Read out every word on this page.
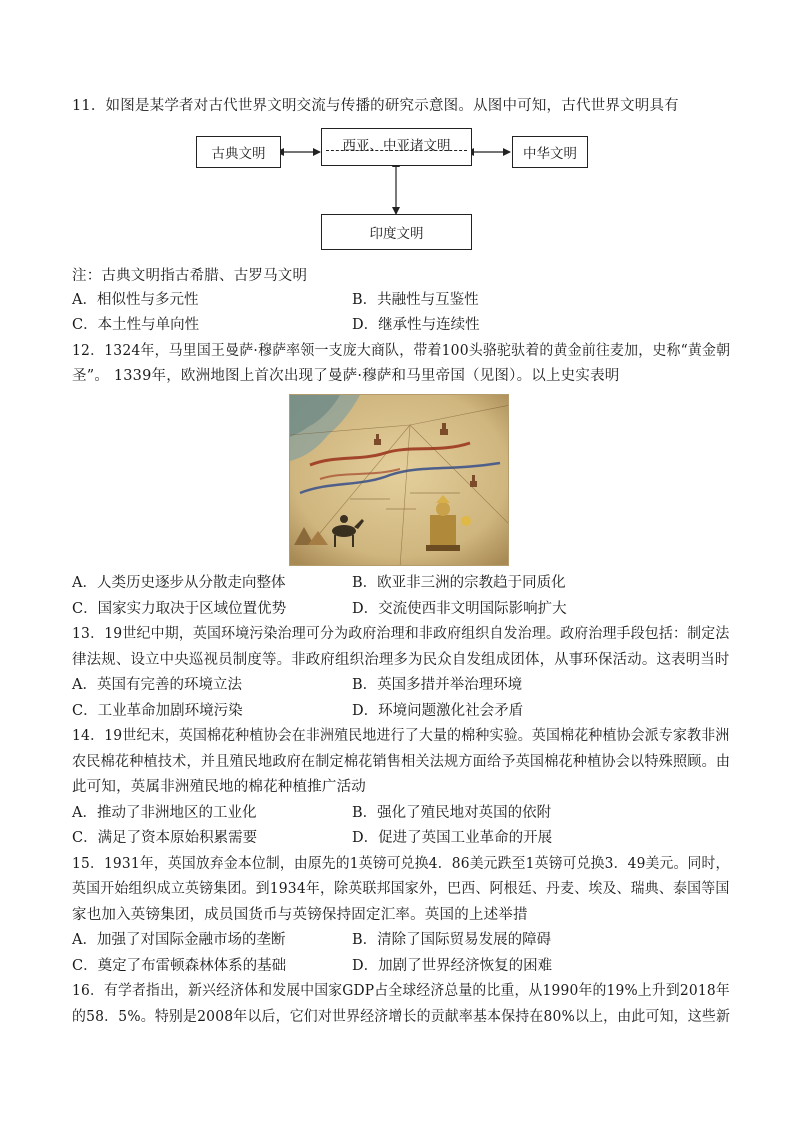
11．如图是某学者对古代世界文明交流与传播的研究示意图。从图中可知，古代世界文明具有
古典文明	西亚、中亚诸文明	中华文明
印度文明
注：古典文明指古希腊、古罗马文明
A．相似性与多元性	B．共融性与互鉴性
C．本土性与单向性	D．继承性与连续性
12．1324年，马里国王曼萨·穆萨率领一支庞大商队，带着100头骆驼驮着的黄金前往麦加，史称“黄金朝
圣”。 1339年，欧洲地图上首次出现了曼萨·穆萨和马里帝国（见图）。以上史实表明
A．人类历史逐步从分散走向整体	B．欧亚非三洲的宗教趋于同质化
C．国家实力取决于区域位置优势	D．交流使西非文明国际影响扩大
13．19世纪中期，英国环境污染治理可分为政府治理和非政府组织自发治理。政府治理手段包括：制定法
律法规、设立中央巡视员制度等。非政府组织治理多为民众自发组成团体，从事环保活动。这表明当时
A．英国有完善的环境立法	B．英国多措并举治理环境
C．工业革命加剧环境污染	D．环境问题激化社会矛盾
14．19世纪末，英国棉花种植协会在非洲殖民地进行了大量的棉种实验。英国棉花种植协会派专家教非洲
农民棉花种植技术，并且殖民地政府在制定棉花销售相关法规方面给予英国棉花种植协会以特殊照顾。由
此可知，英属非洲殖民地的棉花种植推广活动
A．推动了非洲地区的工业化	B．强化了殖民地对英国的依附
C．满足了资本原始积累需要	D．促进了英国工业革命的开展
15．1931年，英国放弃金本位制，由原先的1英镑可兑换4．86美元跌至1英镑可兑换3．49美元。同时，
英国开始组织成立英镑集团。到1934年，除英联邦国家外，巴西、阿根廷、丹麦、埃及、瑞典、泰国等国
家也加入英镑集团，成员国货币与英镑保持固定汇率。英国的上述举措
A．加强了对国际金融市场的垄断	B．清除了国际贸易发展的障碍
C．奠定了布雷顿森林体系的基础	D．加剧了世界经济恢复的困难
16．有学者指出，新兴经济体和发展中国家GDP占全球经济总量的比重，从1990年的19%上升到2018年
的58．5%。特别是2008年以后，它们对世界经济增长的贡献率基本保持在80%以上，由此可知，这些新
